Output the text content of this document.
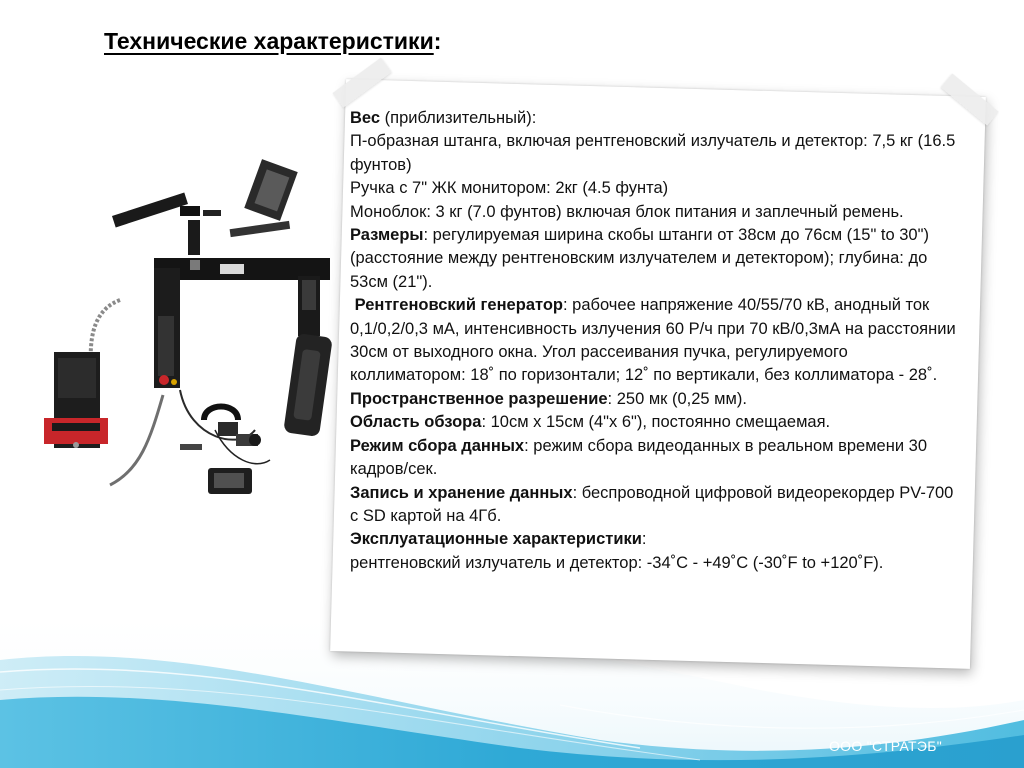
Технические характеристики:

Вес (приблизительный):

П-образная штанга, включая рентгеновский излучатель и детектор: 7,5 кг (16.5 фунтов)

Ручка с 7" ЖК монитором: 2кг (4.5 фунта)

Моноблок: 3 кг (7.0 фунтов) включая блок питания и заплечный ремень.

Размеры: регулируемая ширина скобы штанги от 38см до 76см (15" to 30") (расстояние между рентгеновским излучателем и детектором); глубина: до 53см (21").

Рентгеновский генератор: рабочее напряжение 40/55/70 кВ, анодный ток 0,1/0,2/0,3 мА, интенсивность излучения 60 Р/ч при 70 кВ/0,3мА на расстоянии 30см от выходного окна. Угол рассеивания пучка, регулируемого коллиматором: 18˚ по горизонтали; 12˚ по вертикали, без коллиматора - 28˚.

Пространственное разрешение: 250 мк (0,25 мм).

Область обзора: 10см х 15см (4"х 6"), постоянно смещаемая.

Режим сбора данных: режим сбора видеоданных в реальном времени 30 кадров/сек.

Запись и хранение данных: беспроводной цифровой видеорекордер PV-700 с SD картой на 4Гб.

Эксплуатационные характеристики:

рентгеновский излучатель и детектор: -34˚С - +49˚С (-30˚F to +120˚F).

ООО "СТРАТЭБ"
